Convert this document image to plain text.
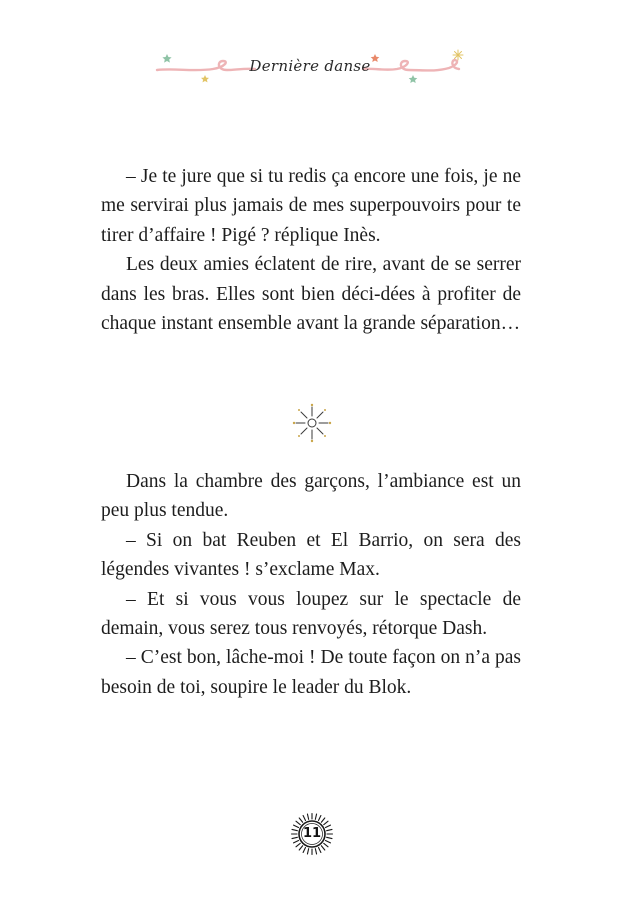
Dernière danse

– Je te jure que si tu redis ça encore une fois, je ne me servirai plus jamais de mes superpouvoirs pour te tirer d’affaire ! Pigé ? réplique Inès.

Les deux amies éclatent de rire, avant de se serrer dans les bras. Elles sont bien déci-​dées à profiter de chaque instant ensemble avant la grande séparation…

Dans la chambre des garçons, l’ambiance est un peu plus tendue.

– Si on bat Reuben et El Barrio, on sera des légendes vivantes ! s’exclame Max.

– Et si vous vous loupez sur le spectacle de demain, vous serez tous renvoyés, rétorque Dash.

– C’est bon, lâche-moi ! De toute façon on n’a pas besoin de toi, soupire le leader du Blok.

11
